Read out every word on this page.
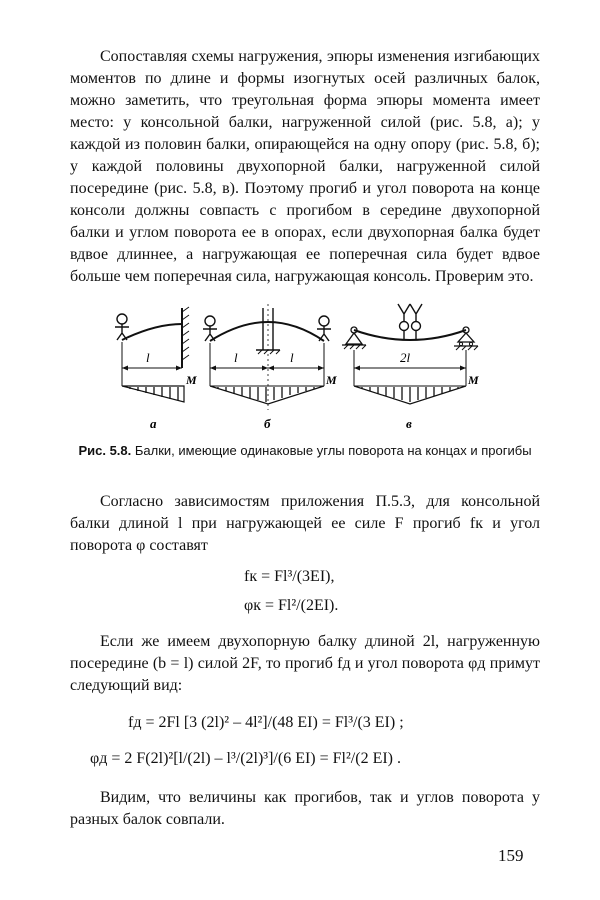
Сопоставляя схемы нагружения, эпюры изменения изгибающих моментов по длине и формы изогнутых осей различных балок, можно заметить, что треугольная форма эпюры момента имеет место: у консольной балки, нагруженной силой (рис. 5.8, а); у каждой из половин балки, опирающейся на одну опору (рис. 5.8, б); у каждой половины двухопорной балки, нагруженной силой посередине (рис. 5.8, в). Поэтому прогиб и угол поворота на конце консоли должны совпасть с прогибом в середине двухопорной балки и углом поворота ее в опорах, если двухопорная балка будет вдвое длиннее, а нагружающая ее поперечная сила будет вдвое больше чем поперечная сила, нагружающая консоль. Проверим это.

l
M
а
l	l
M
б
2l
M
в

Рис. 5.8. Балки, имеющие одинаковые углы поворота на концах и прогибы

Согласно зависимостям приложения П.5.3, для консольной балки длиной l при нагружающей ее силе F прогиб fк и угол поворота φ составят

fк = Fl³/(3EI),

φк = Fl²/(2EI).

Если же имеем двухопорную балку длиной 2l, нагруженную посередине (b = l) силой 2F, то прогиб fд и угол поворота φд примут следующий вид:

fд = 2Fl [3 (2l)² – 4l²]/(48 EI) = Fl³/(3 EI) ;

φд = 2 F(2l)²[l/(2l) – l³/(2l)³]/(6 EI) = Fl²/(2 EI) .

Видим, что величины как прогибов, так и углов поворота у разных балок совпали.

159
